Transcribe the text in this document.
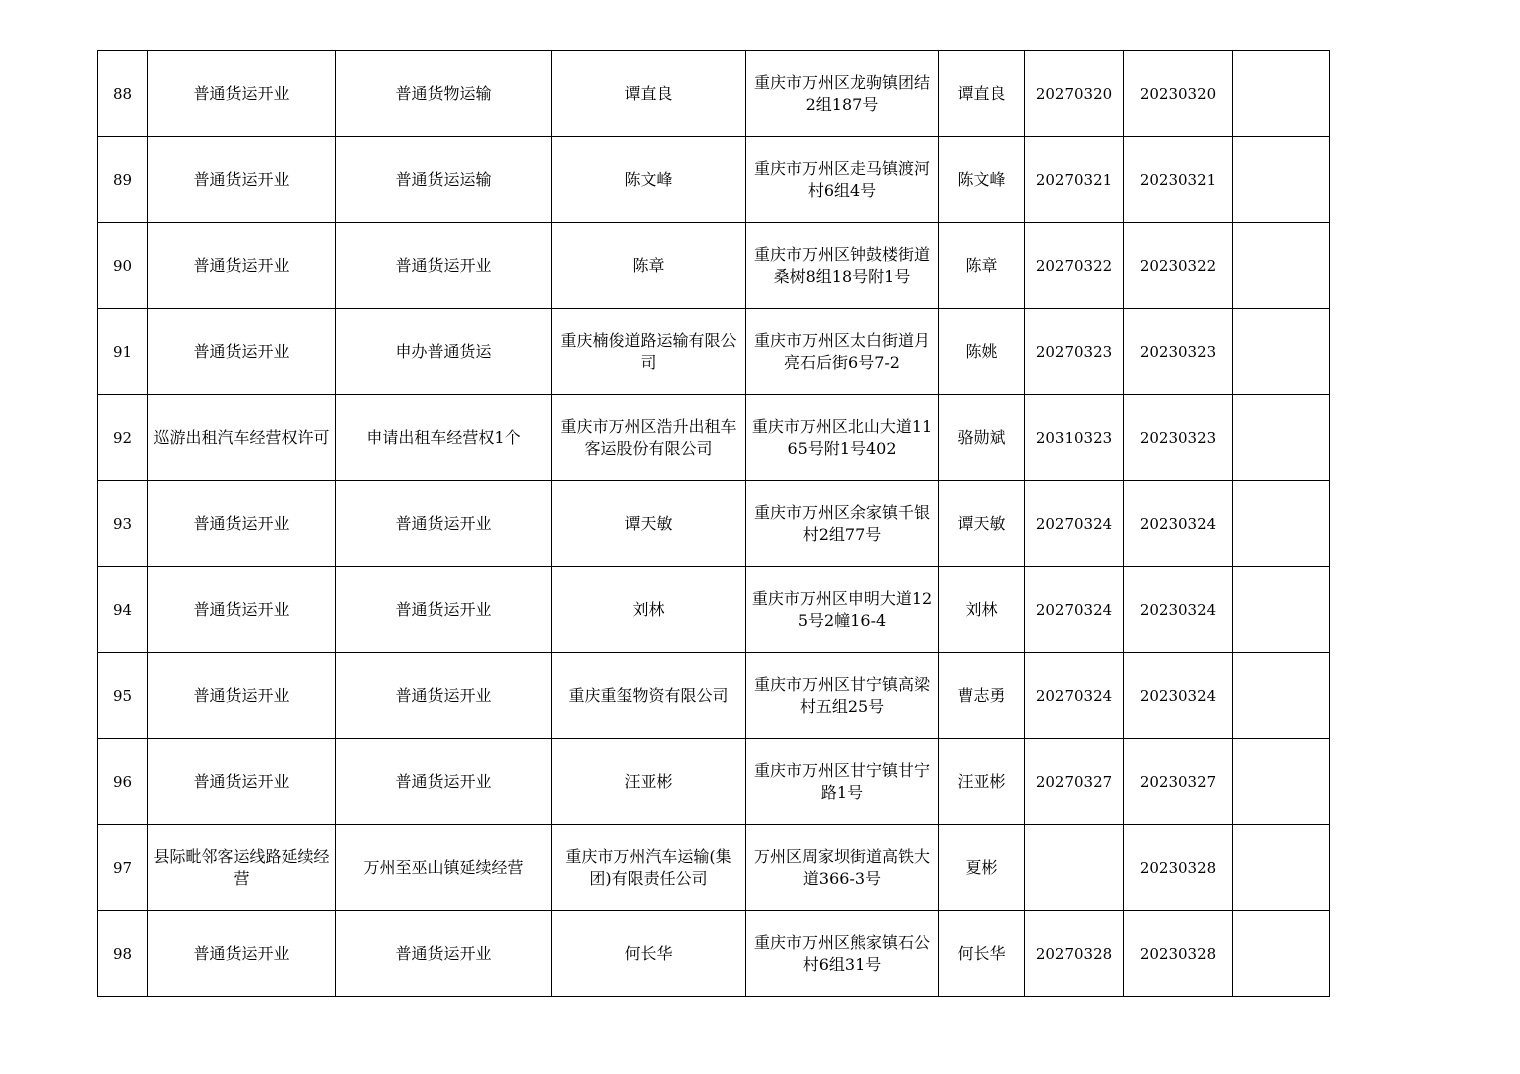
88	普通货运开业	普通货物运输	谭直良	重庆市万州区龙驹镇团结2组187号	谭直良	20270320	20230320	
89	普通货运开业	普通货运运输	陈文峰	重庆市万州区走马镇渡河村6组4号	陈文峰	20270321	20230321	
90	普通货运开业	普通货运开业	陈章	重庆市万州区钟鼓楼街道桑树8组18号附1号	陈章	20270322	20230322	
91	普通货运开业	申办普通货运	重庆楠俊道路运输有限公司	重庆市万州区太白街道月亮石后街6号7-2	陈姚	20270323	20230323	
92	巡游出租汽车经营权许可	申请出租车经营权1个	重庆市万州区浩升出租车客运股份有限公司	重庆市万州区北山大道1165号附1号402	骆勋斌	20310323	20230323	
93	普通货运开业	普通货运开业	谭天敏	重庆市万州区余家镇千银村2组77号	谭天敏	20270324	20230324	
94	普通货运开业	普通货运开业	刘林	重庆市万州区申明大道125号2幢16-4	刘林	20270324	20230324	
95	普通货运开业	普通货运开业	重庆重玺物资有限公司	重庆市万州区甘宁镇高梁村五组25号	曹志勇	20270324	20230324	
96	普通货运开业	普通货运开业	汪亚彬	重庆市万州区甘宁镇甘宁路1号	汪亚彬	20270327	20230327	
97	县际毗邻客运线路延续经营	万州至巫山镇延续经营	重庆市万州汽车运输(集团)有限责任公司	万州区周家坝街道高铁大道366-3号	夏彬		20230328	
98	普通货运开业	普通货运开业	何长华	重庆市万州区熊家镇石公村6组31号	何长华	20270328	20230328	
